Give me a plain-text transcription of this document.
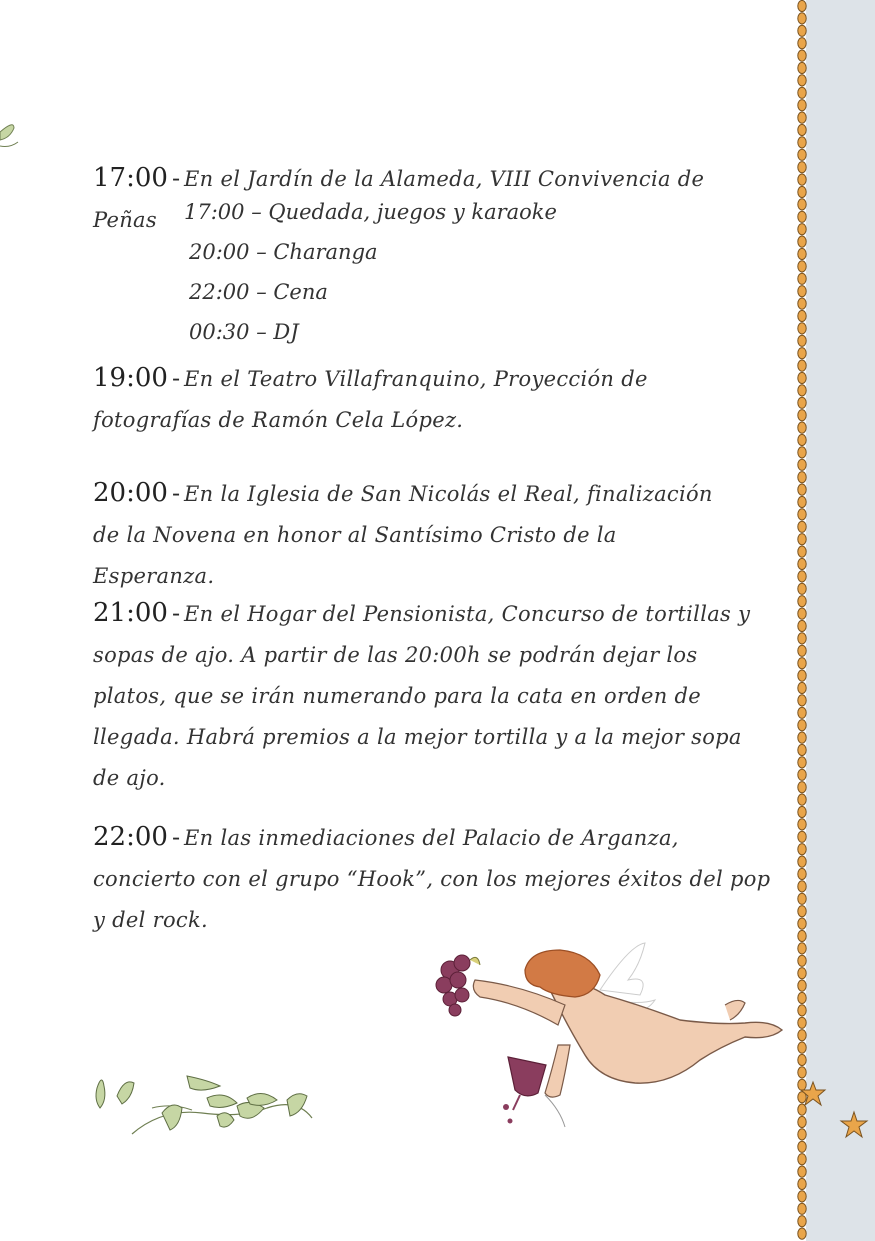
17:00 - En el Jardín de la Alameda, VIII Convivencia de Peñas	17:00 – Quedada, juegos y karaoke
20:00 – Charanga
22:00 – Cena
00:30 – DJ
19:00 - En el Teatro Villafranquino, Proyección de fotografías de Ramón Cela López.
20:00 - En la Iglesia de San Nicolás el Real, finalización de la Novena en honor al Santísimo Cristo de la Esperanza.
21:00 - En el Hogar del Pensionista, Concurso de tortillas y sopas de ajo. A partir de las 20:00h se podrán dejar los platos, que se irán numerando para la cata en orden de llegada. Habrá premios a la mejor tortilla y a la mejor sopa de ajo.
22:00 - En las inmediaciones del Palacio de Arganza, concierto con el grupo “Hook”, con los mejores éxitos del pop y del rock.
